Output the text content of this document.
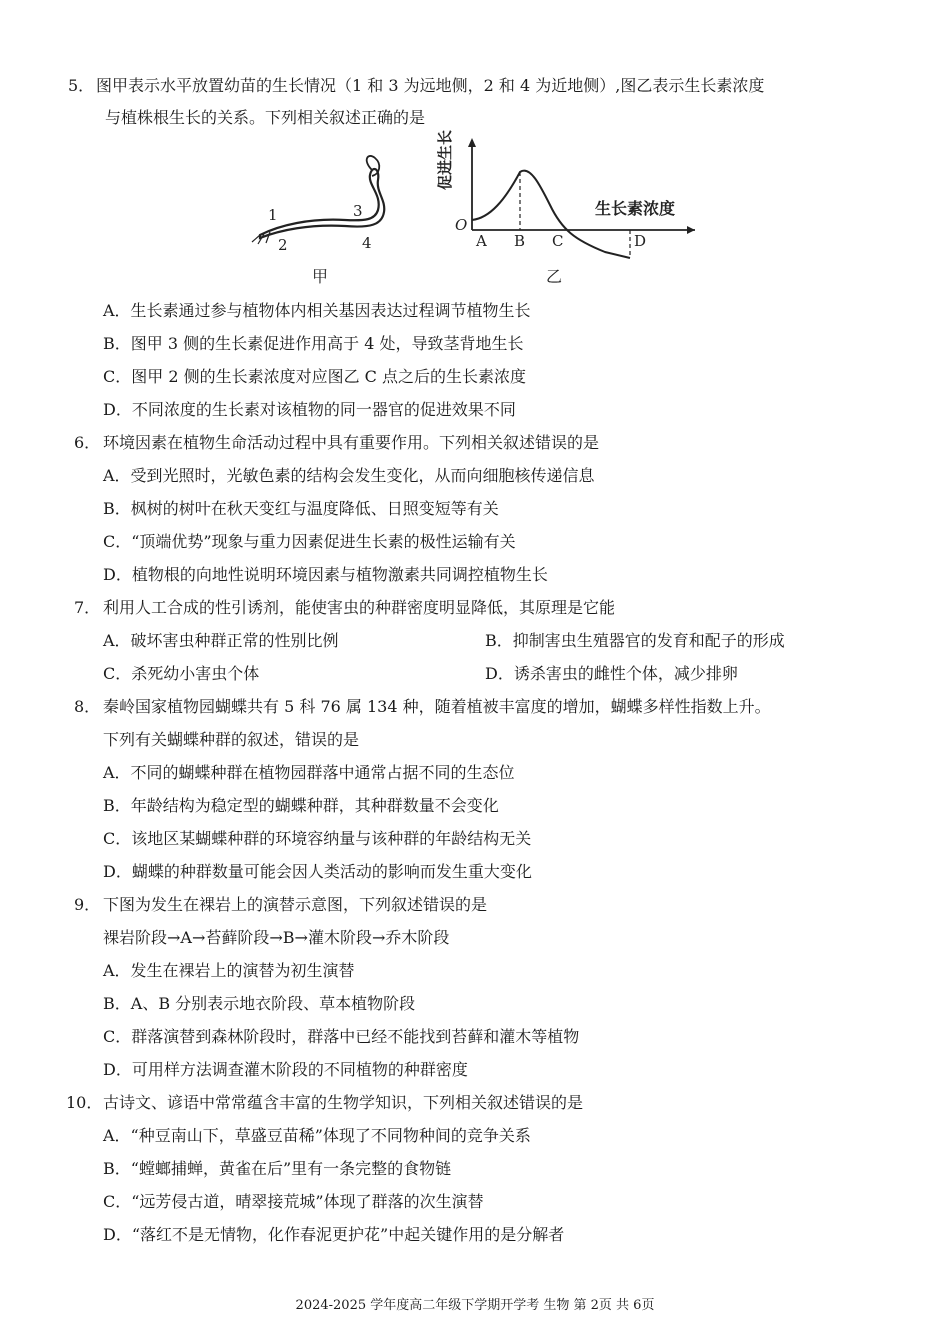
5． 图甲表示水平放置幼苗的生长情况（1 和 3 为远地侧，2 和 4 为近地侧）,图乙表示生长素浓度
与植株根生长的关系。下列相关叙述正确的是
1
2
3
4
甲
促进生长
生长素浓度
O
A B C	D
乙
A．生长素通过参与植物体内相关基因表达过程调节植物生长
B．图甲 3 侧的生长素促进作用高于 4 处，导致茎背地生长
C．图甲 2 侧的生长素浓度对应图乙 C 点之后的生长素浓度
D．不同浓度的生长素对该植物的同一器官的促进效果不同
6． 环境因素在植物生命活动过程中具有重要作用。下列相关叙述错误的是
A．受到光照时，光敏色素的结构会发生变化，从而向细胞核传递信息
B．枫树的树叶在秋天变红与温度降低、日照变短等有关
C．“顶端优势”现象与重力因素促进生长素的极性运输有关
D．植物根的向地性说明环境因素与植物激素共同调控植物生长
7． 利用人工合成的性引诱剂，能使害虫的种群密度明显降低，其原理是它能
A．破坏害虫种群正常的性别比例	B．抑制害虫生殖器官的发育和配子的形成
C．杀死幼小害虫个体	D．诱杀害虫的雌性个体，减少排卵
8． 秦岭国家植物园蝴蝶共有 5 科 76 属 134 种，随着植被丰富度的增加，蝴蝶多样性指数上升。
下列有关蝴蝶种群的叙述，错误的是
A．不同的蝴蝶种群在植物园群落中通常占据不同的生态位
B．年龄结构为稳定型的蝴蝶种群，其种群数量不会变化
C．该地区某蝴蝶种群的环境容纳量与该种群的年龄结构无关
D．蝴蝶的种群数量可能会因人类活动的影响而发生重大变化
9． 下图为发生在裸岩上的演替示意图，下列叙述错误的是
裸岩阶段→A→苔藓阶段→B→灌木阶段→乔木阶段
A．发生在裸岩上的演替为初生演替
B．A、B 分别表示地衣阶段、草本植物阶段
C．群落演替到森林阶段时，群落中已经不能找到苔藓和灌木等植物
D．可用样方法调查灌木阶段的不同植物的种群密度
10． 古诗文、谚语中常常蕴含丰富的生物学知识，下列相关叙述错误的是
A．“种豆南山下，草盛豆苗稀”体现了不同物种间的竞争关系
B．“螳螂捕蝉，黄雀在后”里有一条完整的食物链
C．“远芳侵古道，晴翠接荒城”体现了群落的次生演替
D．“落红不是无情物，化作春泥更护花”中起关键作用的是分解者
2024-2025 学年度高二年级下学期开学考 生物 第 2页 共 6页
